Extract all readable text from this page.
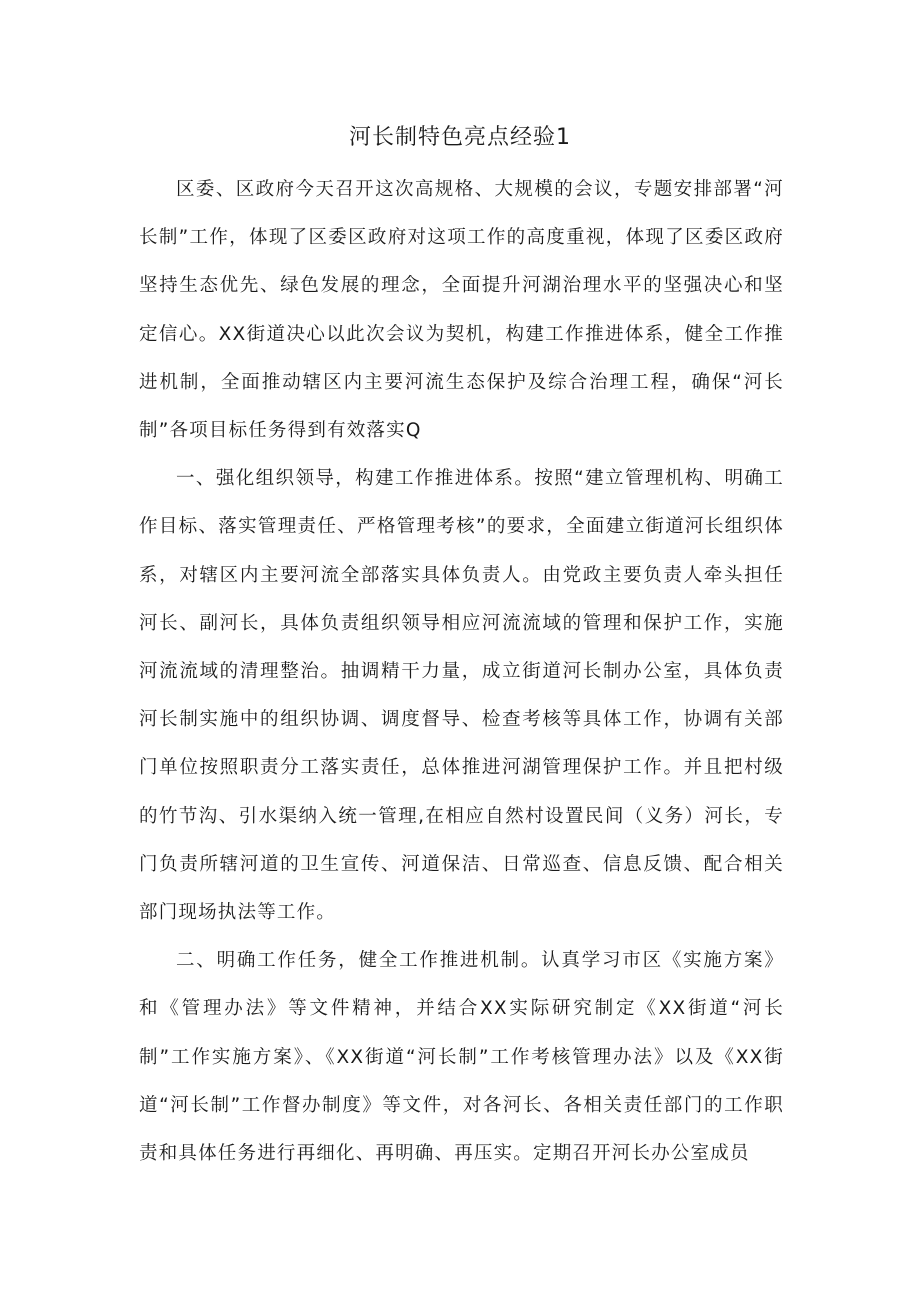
河长制特色亮点经验1

区委、区政府今天召开这次高规格、大规模的会议，专题安排部署“河长制”工作，体现了区委区政府对这项工作的高度重视，体现了区委区政府坚持生态优先、绿色发展的理念，全面提升河湖治理水平的坚强决心和坚定信心。XX街道决心以此次会议为契机，构建工作推进体系，健全工作推进机制，全面推动辖区内主要河流生态保护及综合治理工程，确保“河长制”各项目标任务得到有效落实Q

一、强化组织领导，构建工作推进体系。按照“建立管理机构、明确工作目标、落实管理责任、严格管理考核”的要求，全面建立街道河长组织体系，对辖区内主要河流全部落实具体负责人。由党政主要负责人牵头担任河长、副河长，具体负责组织领导相应河流流域的管理和保护工作，实施河流流域的清理整治。抽调精干力量，成立街道河长制办公室，具体负责河长制实施中的组织协调、调度督导、检查考核等具体工作，协调有关部门单位按照职责分工落实责任，总体推进河湖管理保护工作。并且把村级的竹节沟、引水渠纳入统一管理,在相应自然村设置民间（义务）河长，专门负责所辖河道的卫生宣传、河道保洁、日常巡查、信息反馈、配合相关部门现场执法等工作。

二、明确工作任务，健全工作推进机制。认真学习市区《实施方案》和《管理办法》等文件精神，并结合XX实际研究制定《XX街道“河长制”工作实施方案》、《XX街道“河长制”工作考核管理办法》以及《XX街道“河长制”工作督办制度》等文件，对各河长、各相关责任部门的工作职责和具体任务进行再细化、再明确、再压实。定期召开河长办公室成员
